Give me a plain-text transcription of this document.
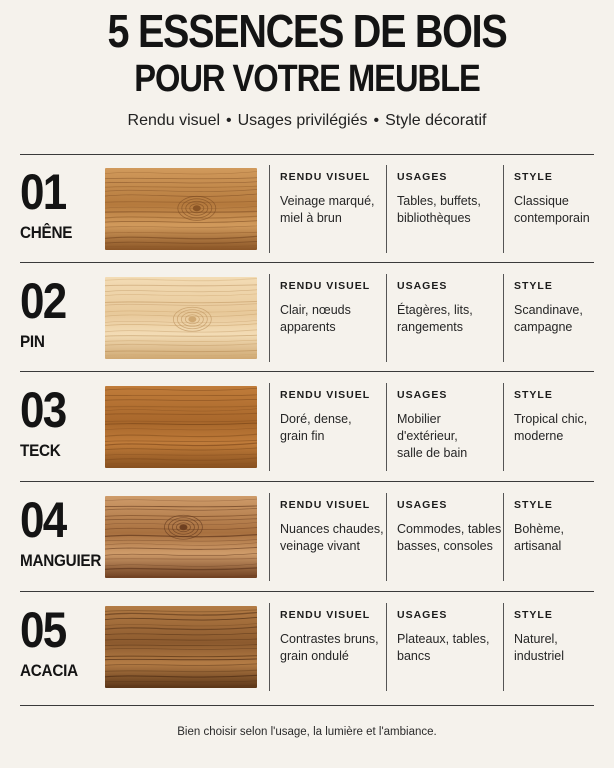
5 ESSENCES DE BOIS
POUR VOTRE MEUBLE
Rendu visuel • Usages privilégiés • Style décoratif
01
CHÊNE
RENDU VISUEL
Veinage marqué,
miel à brun
USAGES
Tables, buffets,
bibliothèques
STYLE
Classique
contemporain
02
PIN
RENDU VISUEL
Clair, nœuds
apparents
USAGES
Étagères, lits,
rangements
STYLE
Scandinave,
campagne
03
TECK
RENDU VISUEL
Doré, dense,
grain fin
USAGES
Mobilier d'extérieur,
salle de bain
STYLE
Tropical chic,
moderne
04
MANGUIER
RENDU VISUEL
Nuances chaudes,
veinage vivant
USAGES
Commodes, tables
basses, consoles
STYLE
Bohème,
artisanal
05
ACACIA
RENDU VISUEL
Contrastes bruns,
grain ondulé
USAGES
Plateaux, tables,
bancs
STYLE
Naturel,
industriel
Bien choisir selon l'usage, la lumière et l'ambiance.
